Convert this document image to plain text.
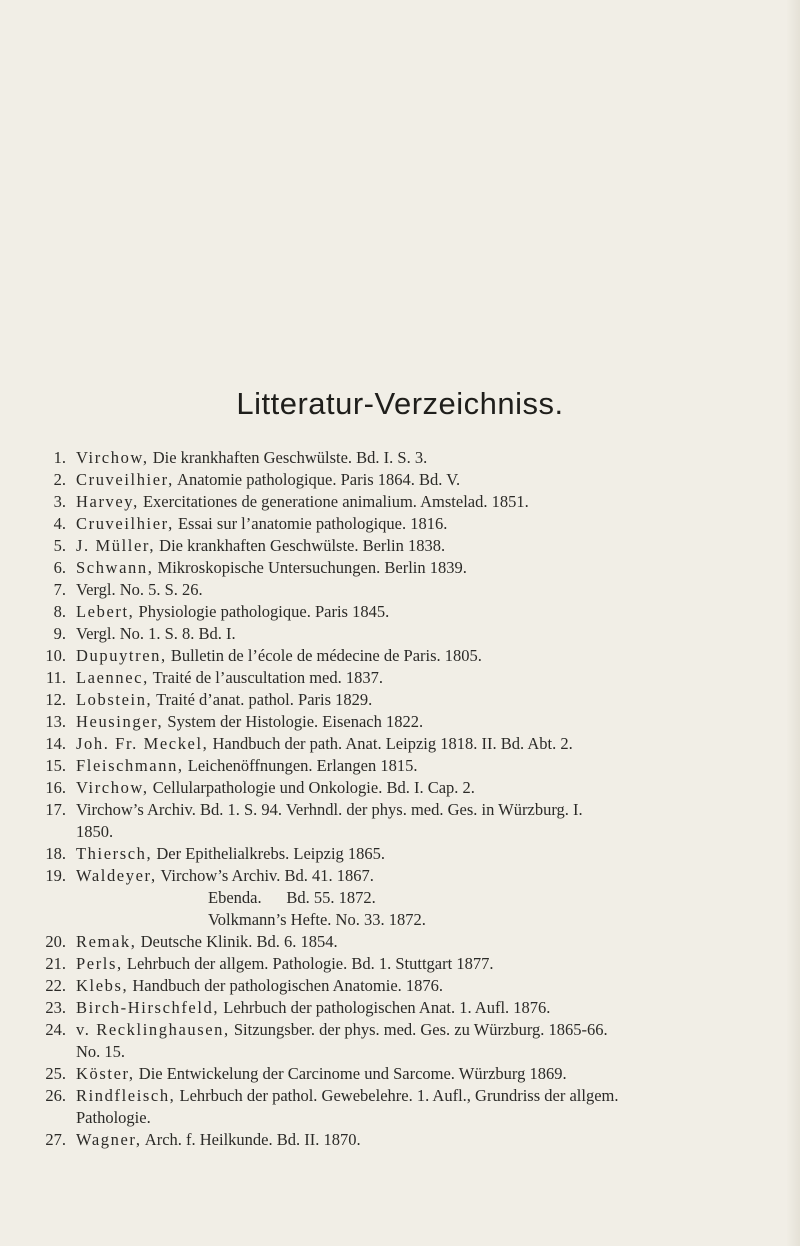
Litteratur-Verzeichniss.
1. Virchow, Die krankhaften Geschwülste. Bd. I. S. 3.
2. Cruveilhier, Anatomie pathologique. Paris 1864. Bd. V.
3. Harvey, Exercitationes de generatione animalium. Amstelad. 1851.
4. Cruveilhier, Essai sur l’anatomie pathologique. 1816.
5. J. Müller, Die krankhaften Geschwülste. Berlin 1838.
6. Schwann, Mikroskopische Untersuchungen. Berlin 1839.
7. Vergl. No. 5. S. 26.
8. Lebert, Physiologie pathologique. Paris 1845.
9. Vergl. No. 1. S. 8. Bd. I.
10. Dupuytren, Bulletin de l’école de médecine de Paris. 1805.
11. Laennec, Traité de l’auscultation med. 1837.
12. Lobstein, Traité d’anat. pathol. Paris 1829.
13. Heusinger, System der Histologie. Eisenach 1822.
14. Joh. Fr. Meckel, Handbuch der path. Anat. Leipzig 1818. II. Bd. Abt. 2.
15. Fleischmann, Leichenöffnungen. Erlangen 1815.
16. Virchow, Cellularpathologie und Onkologie. Bd. I. Cap. 2.
17. Virchow’s Archiv. Bd. 1. S. 94. Verhndl. der phys. med. Ges. in Würzburg. I.
1850.
18. Thiersch, Der Epithelialkrebs. Leipzig 1865.
19. Waldeyer, Virchow’s Archiv. Bd. 41. 1867.
Ebenda.      Bd. 55. 1872.
Volkmann’s Hefte. No. 33. 1872.
20. Remak, Deutsche Klinik. Bd. 6. 1854.
21. Perls, Lehrbuch der allgem. Pathologie. Bd. 1. Stuttgart 1877.
22. Klebs, Handbuch der pathologischen Anatomie. 1876.
23. Birch-Hirschfeld, Lehrbuch der pathologischen Anat. 1. Aufl. 1876.
24. v. Recklinghausen, Sitzungsber. der phys. med. Ges. zu Würzburg. 1865-66.
No. 15.
25. Köster, Die Entwickelung der Carcinome und Sarcome. Würzburg 1869.
26. Rindfleisch, Lehrbuch der pathol. Gewebelehre. 1. Aufl., Grundriss der allgem.
Pathologie.
27. Wagner, Arch. f. Heilkunde. Bd. II. 1870.
